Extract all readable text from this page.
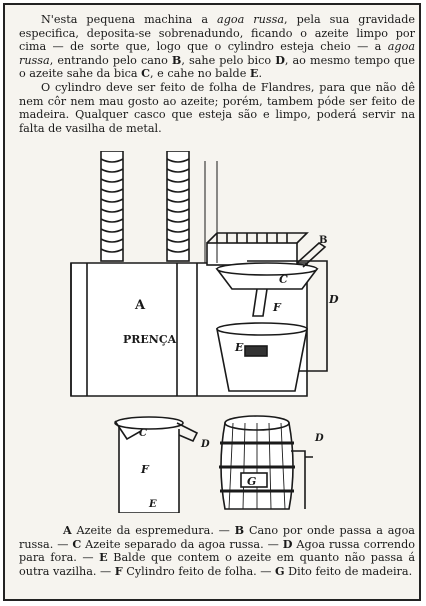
N'esta pequena machina a agoa russa, pela sua gravidade especifica, deposita-se sobrenadundo, ficando o azeite limpo por cima — de sorte que, logo que o cylindro esteja cheio — a agoa russa, entrando pelo cano B, sahe pelo bico D, ao mesmo tempo que o azeite sahe da bica C, e cahe no balde E.

O cylindro deve ser feito de folha de Flandres, para que não dê nem côr nem mau gosto ao azeite; porém, tambem póde ser feito de madeira. Qualquer casco que esteja são e limpo, poderá servir na falta de vasilha de metal.

A
PRENÇA
B
C
D
F
E
C
D
F
E
G
D

A Azeite da espremedura. — B Cano por onde passa a agoa russa. — C Azeite separado da agoa russa. — D Agoa russa correndo para fora. — E Balde que contem o azeite em quanto não passa á outra vazilha. — F Cylindro feito de folha. — G Dito feito de madeira.
